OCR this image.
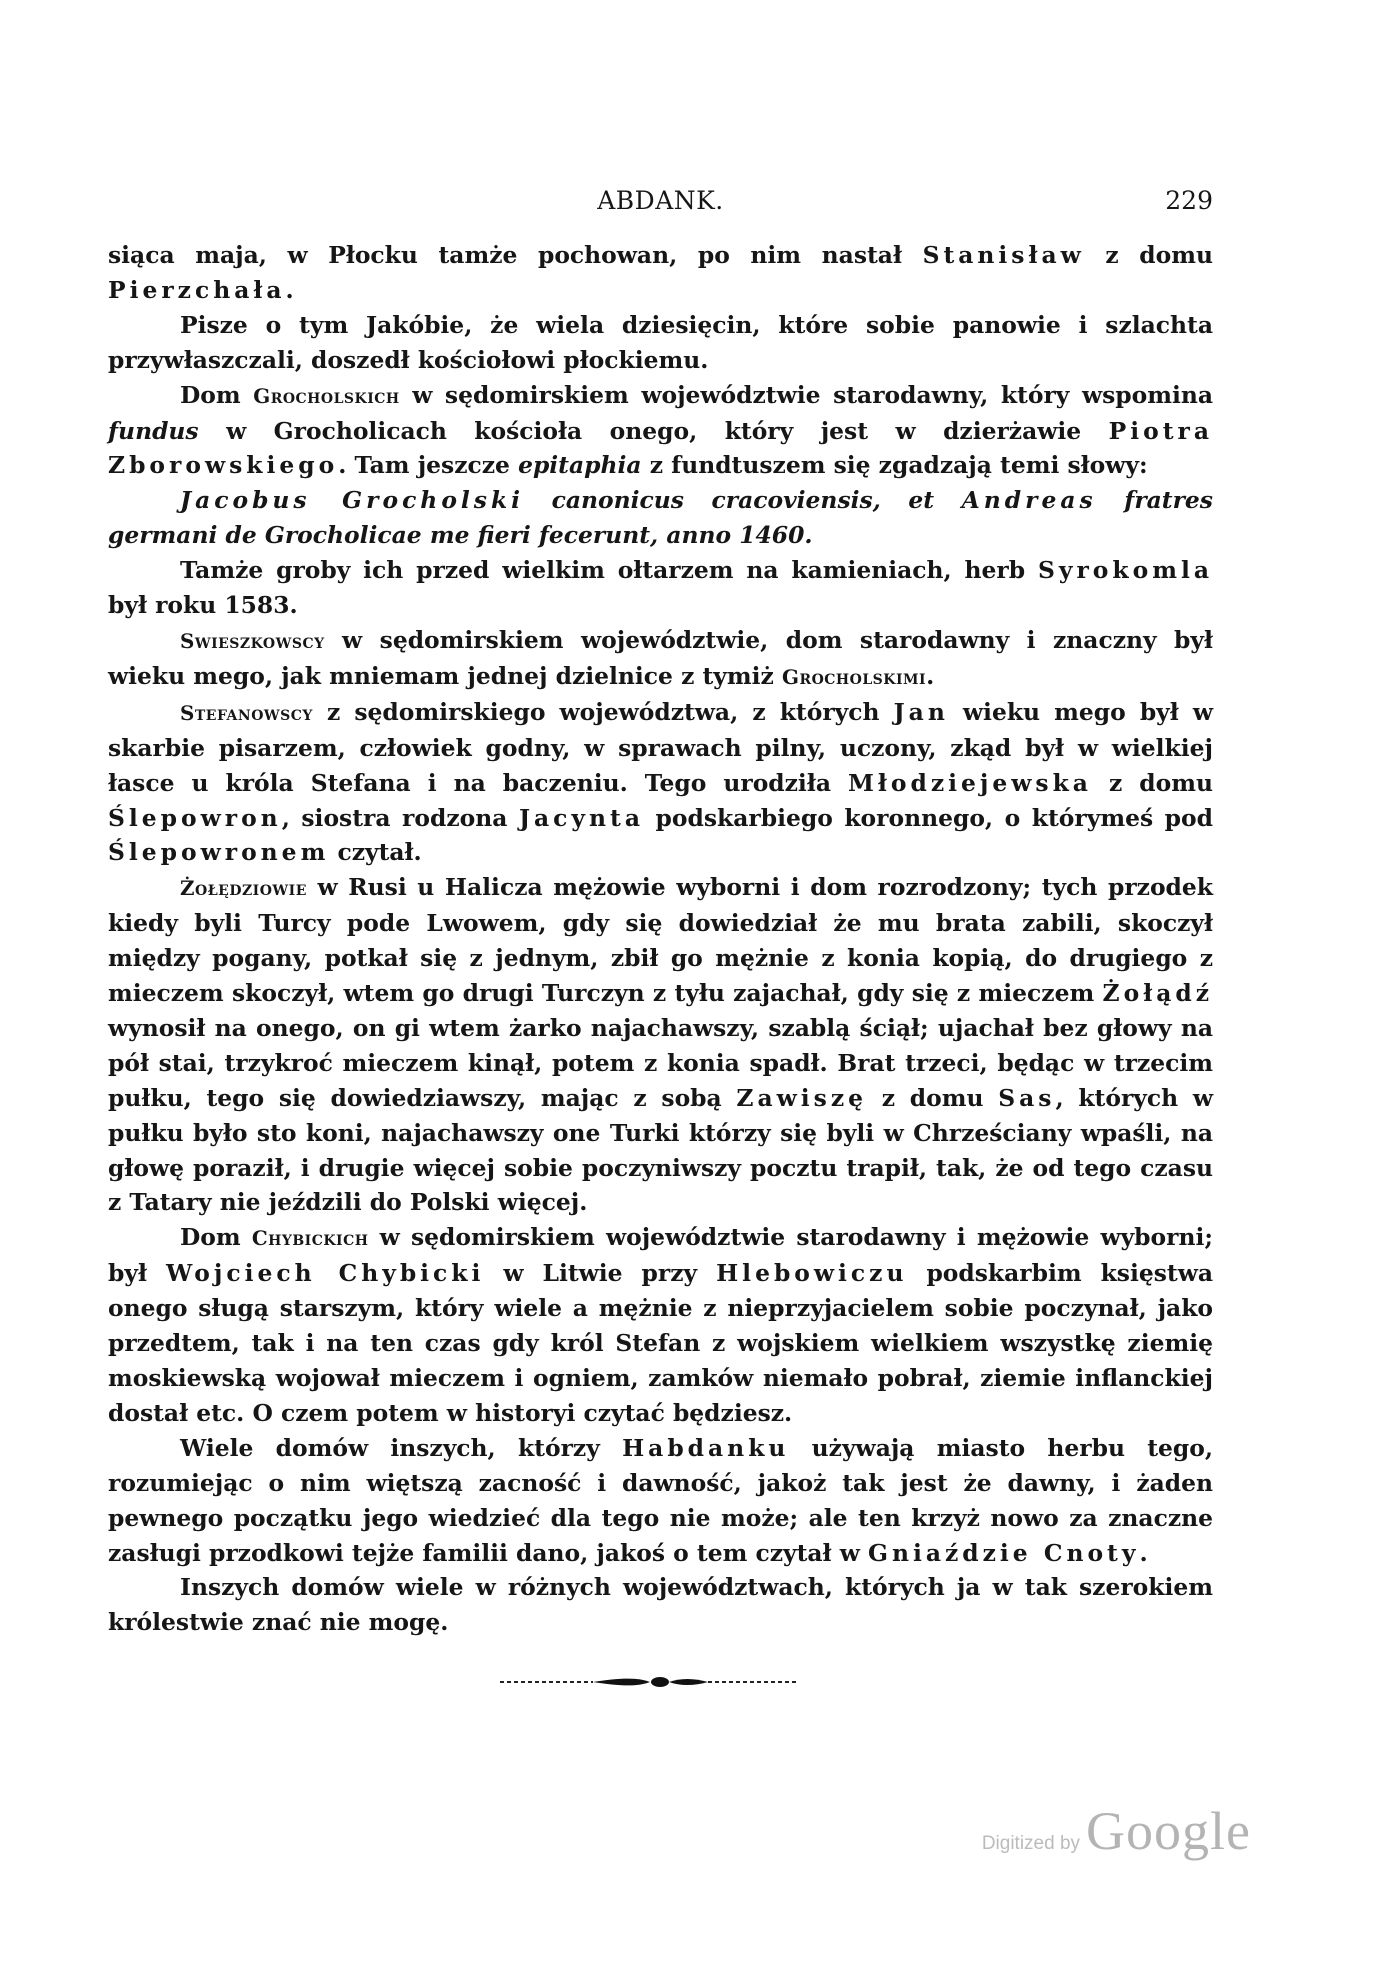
ABDANK.	229

siąca maja, w Płocku tamże pochowan, po nim nastał Stanisław z domu Pierzchała.

Pisze o tym Jakóbie, że wiela dziesięcin, które sobie panowie i szlachta przywłaszczali, doszedł kościołowi płockiemu.

Dom Grocholskich w sędomirskiem województwie starodawny, który wspomina fundus w Grocholicach kościoła onego, który jest w dzierżawie Piotra Zborowskiego. Tam jeszcze epitaphia z fundtuszem się zgadzają temi słowy:

Jacobus Grocholski canonicus cracoviensis, et Andreas fratres germani de Grocholicae me fieri fecerunt, anno 1460.

Tamże groby ich przed wielkim ołtarzem na kamieniach, herb Syrokomla był roku 1583.

Swieszkowscy w sędomirskiem województwie, dom starodawny i znaczny był wieku mego, jak mniemam jednej dzielnice z tymiż Grocholskimi.

Stefanowscy z sędomirskiego województwa, z których Jan wieku mego był w skarbie pisarzem, człowiek godny, w sprawach pilny, uczony, zkąd był w wielkiej łasce u króla Stefana i na baczeniu. Tego urodziła Młodziejewska z domu Ślepowron, siostra rodzona Jacynta podskarbiego koronnego, o którymeś pod Ślepowronem czytał.

Żołędziowie w Rusi u Halicza mężowie wyborni i dom rozrodzony; tych przodek kiedy byli Turcy pode Lwowem, gdy się dowiedział że mu brata zabili, skoczył między pogany, potkał się z jednym, zbił go mężnie z konia kopią, do drugiego z mieczem skoczył, wtem go drugi Turczyn z tyłu zajachał, gdy się z mieczem Żołądź wynosił na onego, on gi wtem żarko najachawszy, szablą ściął; ujachał bez głowy na pół stai, trzykroć mieczem kinął, potem z konia spadł. Brat trzeci, będąc w trzecim pułku, tego się dowiedziawszy, mając z sobą Zawiszę z domu Sas, których w pułku było sto koni, najachawszy one Turki którzy się byli w Chrześciany wpaśli, na głowę poraził, i drugie więcej sobie poczyniwszy pocztu trapił, tak, że od tego czasu z Tatary nie jeździli do Polski więcej.

Dom Chybickich w sędomirskiem województwie starodawny i mężowie wyborni; był Wojciech Chybicki w Litwie przy Hlebowiczu podskarbim księstwa onego sługą starszym, który wiele a mężnie z nieprzyjacielem sobie poczynał, jako przedtem, tak i na ten czas gdy król Stefan z wojskiem wielkiem wszystkę ziemię moskiewską wojował mieczem i ogniem, zamków niemało pobrał, ziemie inflanckiej dostał etc. O czem potem w historyi czytać będziesz.

Wiele domów inszych, którzy Habdanku używają miasto herbu tego, rozumiejąc o nim więtszą zacność i dawność, jakoż tak jest że dawny, i żaden pewnego początku jego wiedzieć dla tego nie może; ale ten krzyż nowo za znaczne zasługi przodkowi tejże familii dano, jakoś o tem czytał w Gniaździe Cnoty.

Inszych domów wiele w różnych województwach, których ja w tak szerokiem królestwie znać nie mogę.

Digitized by Google
